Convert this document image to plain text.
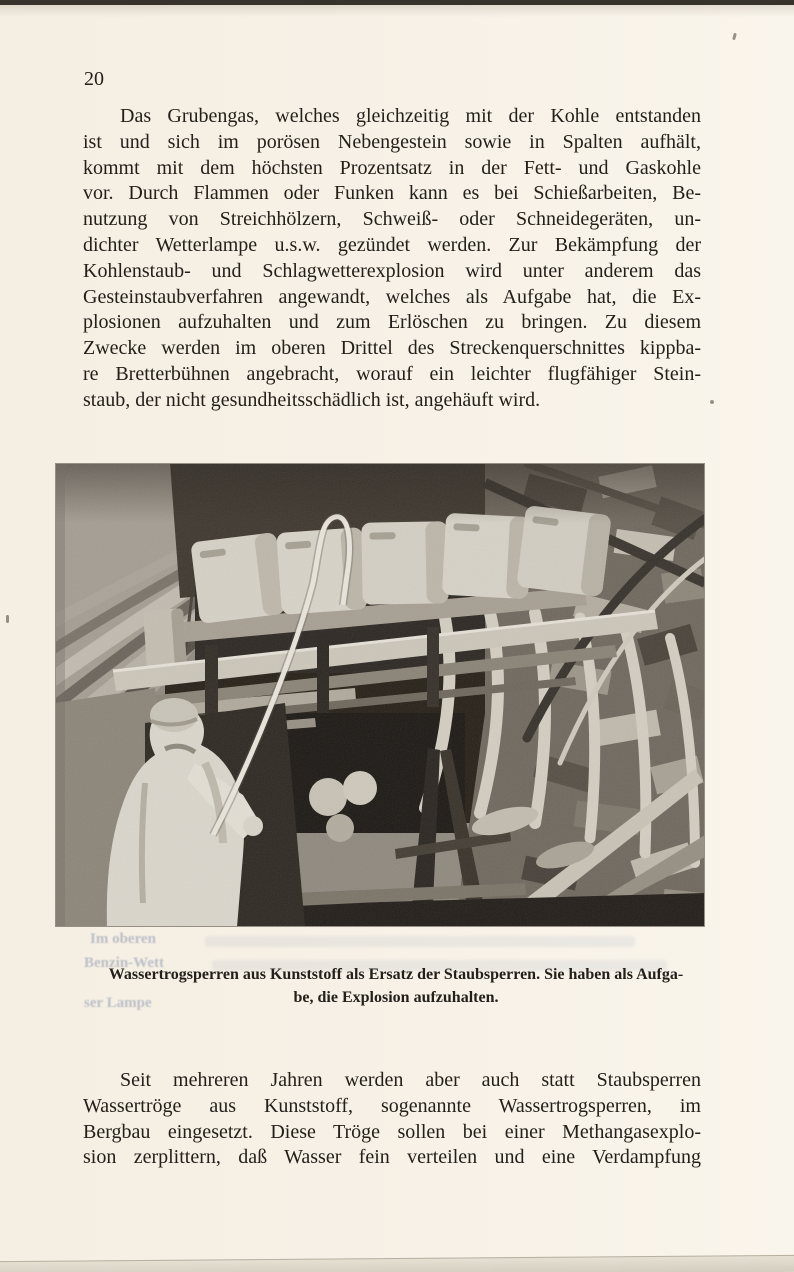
20
Das Grubengas, welches gleichzeitig mit der Kohle entstanden
ist und sich im porösen Nebengestein sowie in Spalten aufhält,
kommt mit dem höchsten Prozentsatz in der Fett- und Gaskohle
vor. Durch Flammen oder Funken kann es bei Schießarbeiten, Be-
nutzung von Streichhölzern, Schweiß- oder Schneidegeräten, un-
dichter Wetterlampe u.s.w. gezündet werden. Zur Bekämpfung der
Kohlenstaub- und Schlagwetterexplosion wird unter anderem das
Gesteinstaubverfahren angewandt, welches als Aufgabe hat, die Ex-
plosionen aufzuhalten und zum Erlöschen zu bringen. Zu diesem
Zwecke werden im oberen Drittel des Streckenquerschnittes kippba-
re Bretterbühnen angebracht, worauf ein leichter flugfähiger Stein-
staub, der nicht gesundheitsschädlich ist, angehäuft wird.
Im oberen
Benzin-Wett
ser Lampe
Wassertrogsperren aus Kunststoff als Ersatz der Staubsperren. Sie haben als Aufga-
be, die Explosion aufzuhalten.
Seit mehreren Jahren werden aber auch statt Staubsperren
Wassertröge aus Kunststoff, sogenannte Wassertrogsperren, im
Bergbau eingesetzt. Diese Tröge sollen bei einer Methangasexplo-
sion zerplittern, daß Wasser fein verteilen und eine Verdampfung
